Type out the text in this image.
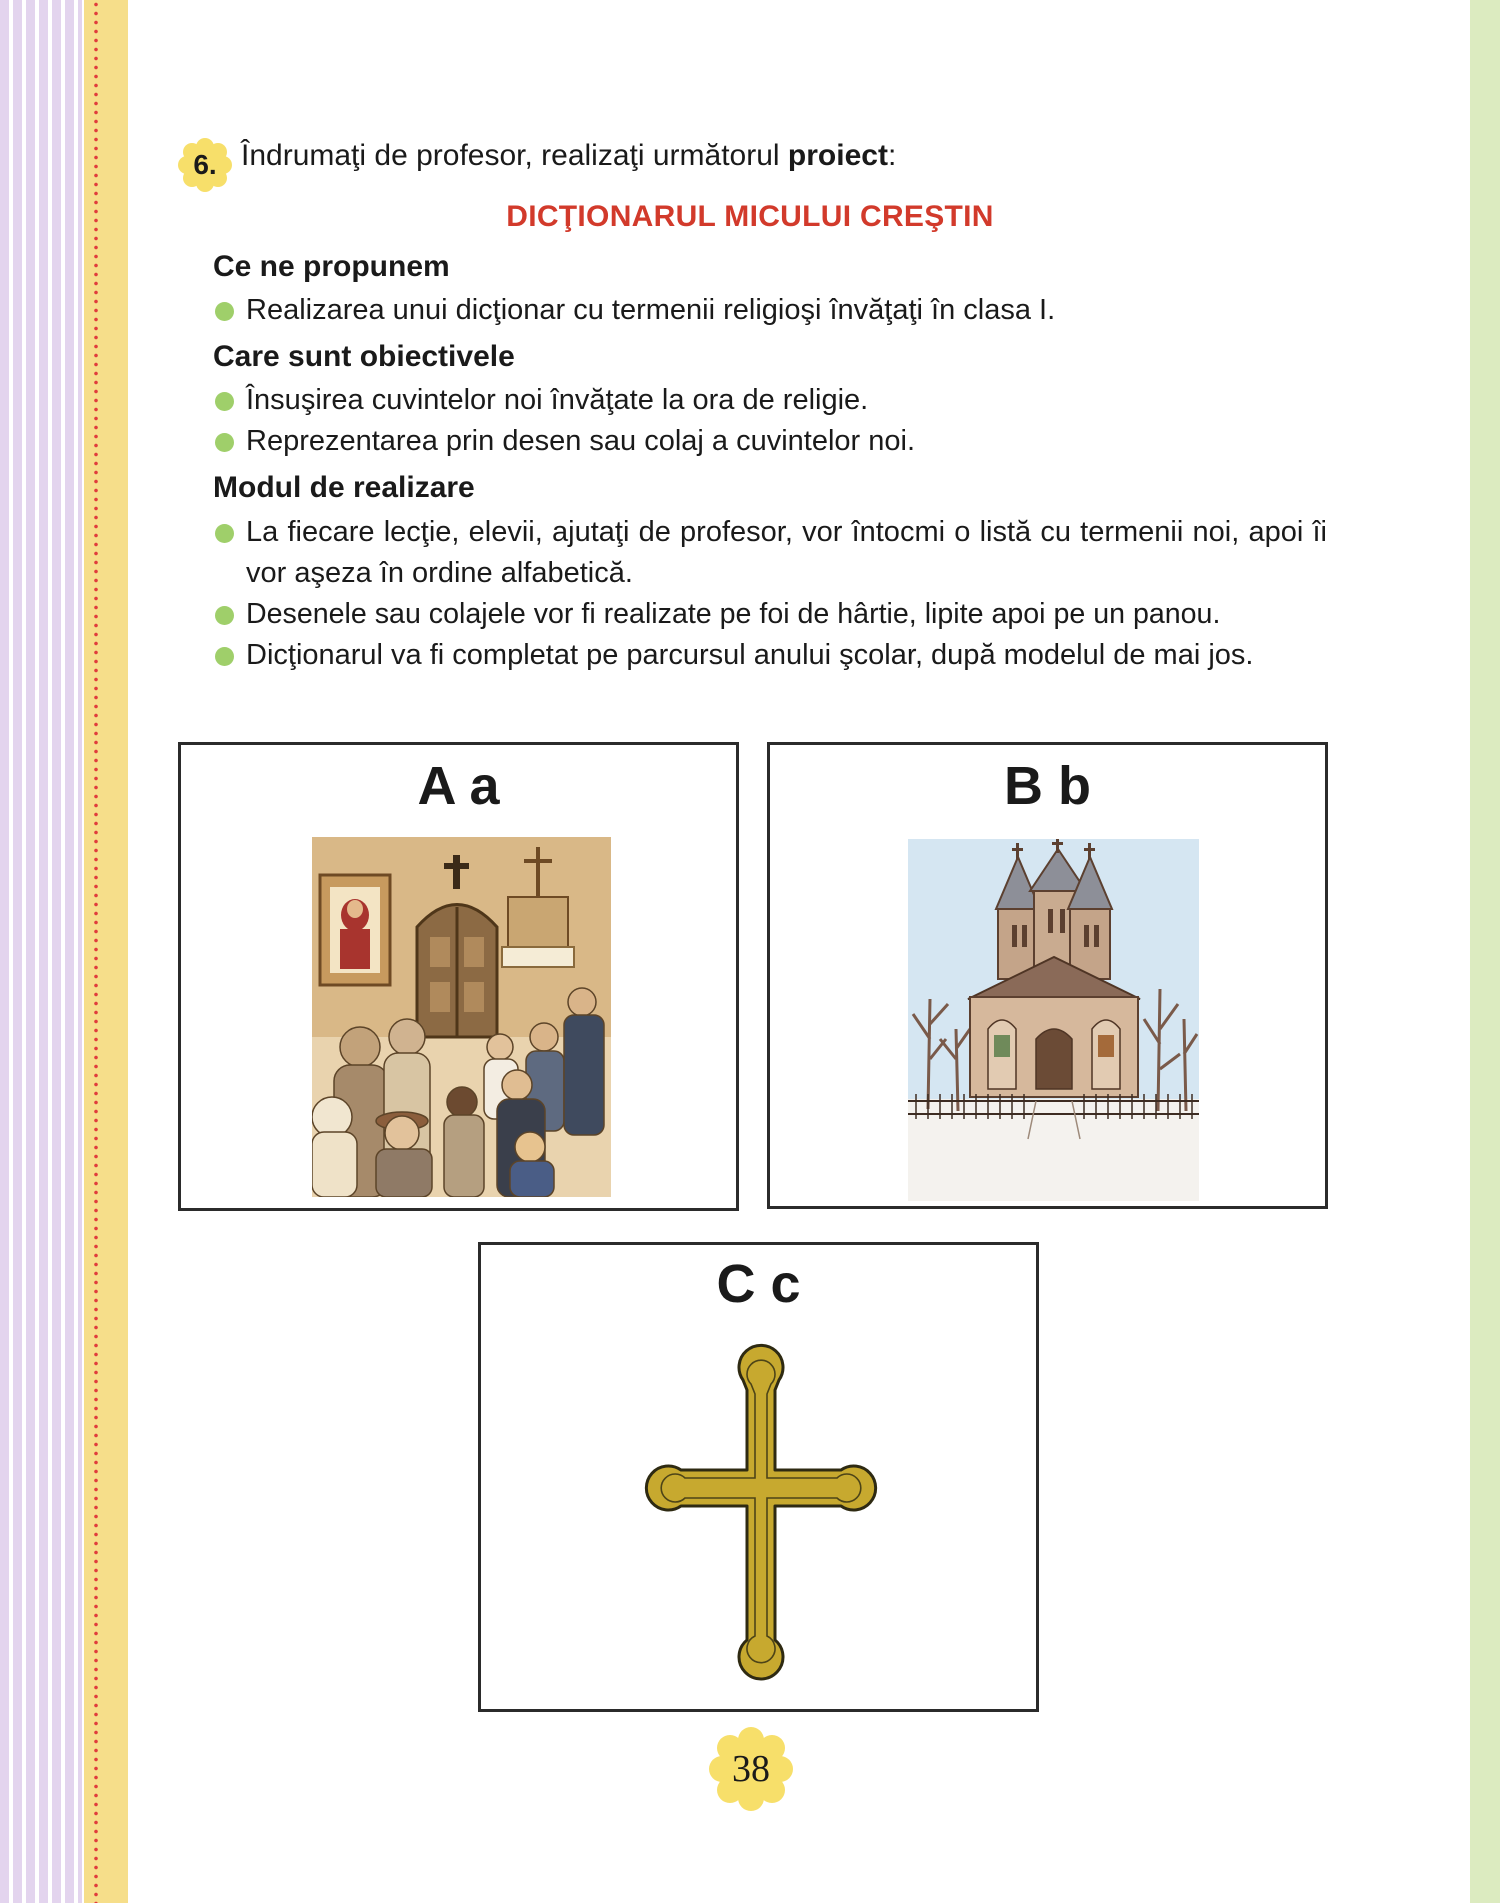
6. Îndrumaţi de profesor, realizaţi următorul proiect:
DICŢIONARUL MICULUI CREŞTIN
Ce ne propunem
Realizarea unui dicţionar cu termenii religioşi învăţaţi în clasa I.
Care sunt obiectivele
Însuşirea cuvintelor noi învăţate la ora de religie.
Reprezentarea prin desen sau colaj a cuvintelor noi.
Modul de realizare
La fiecare lecţie, elevii, ajutaţi de profesor, vor întocmi o listă cu termenii noi, apoi îi vor aşeza în ordine alfabetică.
Desenele sau colajele vor fi realizate pe foi de hârtie, lipite apoi pe un panou.
Dicţionarul va fi completat pe parcursul anului şcolar, după modelul de mai jos.
A a	B b
C c
38
